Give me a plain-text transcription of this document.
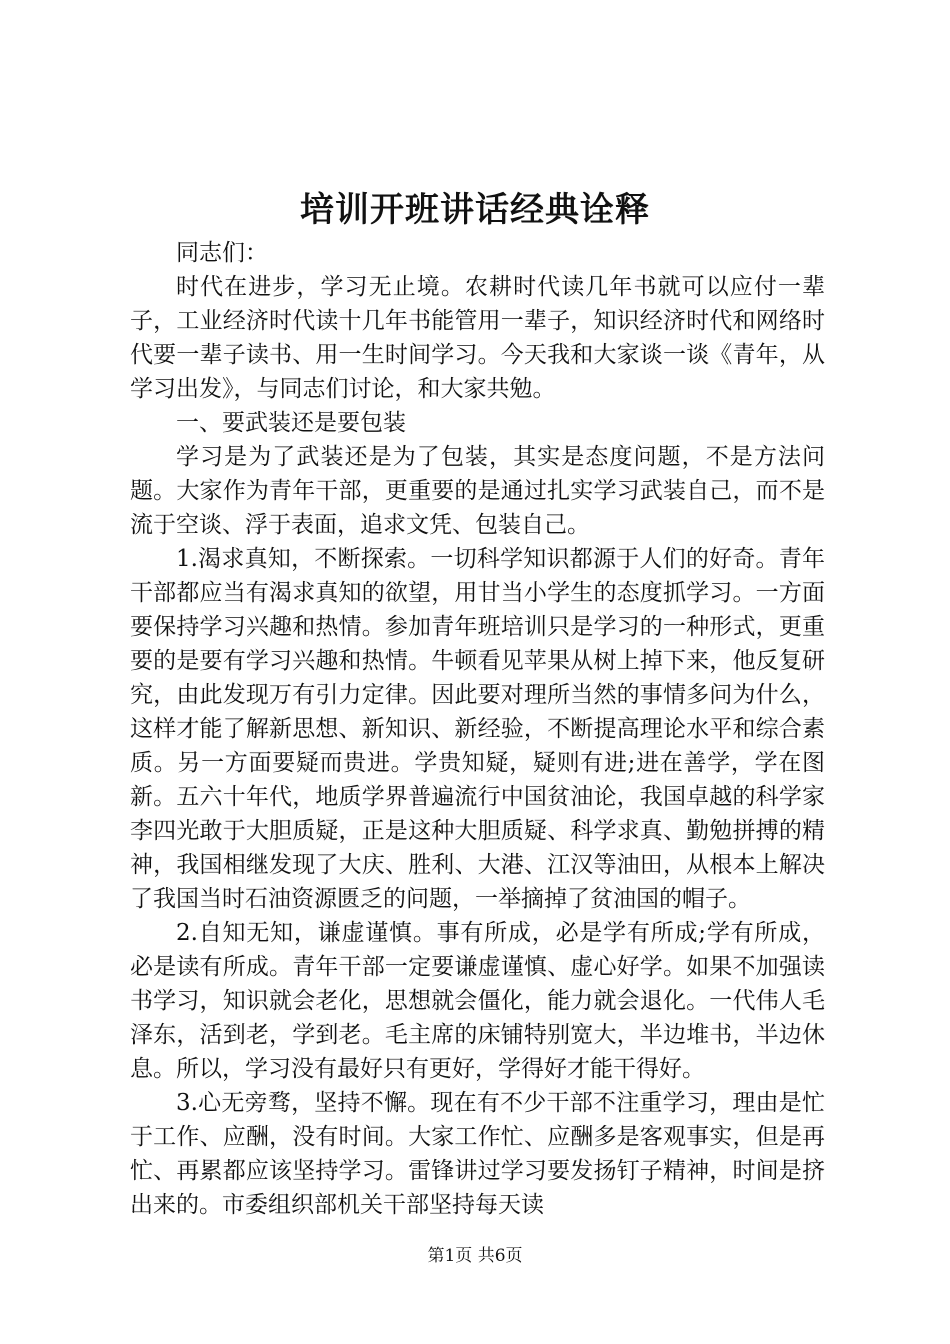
培训开班讲话经典诠释

同志们：

时代在进步，学习无止境。农耕时代读几年书就可以应付一辈子，工业经济时代读十几年书能管用一辈子，知识经济时代和网络时代要一辈子读书、用一生时间学习。今天我和大家谈一谈《青年，从学习出发》，与同志们讨论，和大家共勉。

一、要武装还是要包装

学习是为了武装还是为了包装，其实是态度问题，不是方法问题。大家作为青年干部，更重要的是通过扎实学习武装自己，而不是流于空谈、浮于表面，追求文凭、包装自己。

1.渴求真知，不断探索。一切科学知识都源于人们的好奇。青年干部都应当有渴求真知的欲望，用甘当小学生的态度抓学习。一方面要保持学习兴趣和热情。参加青年班培训只是学习的一种形式，更重要的是要有学习兴趣和热情。牛顿看见苹果从树上掉下来，他反复研究，由此发现万有引力定律。因此要对理所当然的事情多问为什么，这样才能了解新思想、新知识、新经验，不断提高理论水平和综合素质。另一方面要疑而贵进。学贵知疑，疑则有进;进在善学，学在图新。五六十年代，地质学界普遍流行中国贫油论，我国卓越的科学家李四光敢于大胆质疑，正是这种大胆质疑、科学求真、勤勉拼搏的精神，我国相继发现了大庆、胜利、大港、江汉等油田，从根本上解决了我国当时石油资源匮乏的问题，一举摘掉了贫油国的帽子。

2.自知无知，谦虚谨慎。事有所成，必是学有所成;学有所成，必是读有所成。青年干部一定要谦虚谨慎、虚心好学。如果不加强读书学习，知识就会老化，思想就会僵化，能力就会退化。一代伟人毛泽东，活到老，学到老。毛主席的床铺特别宽大，半边堆书，半边休息。所以，学习没有最好只有更好，学得好才能干得好。

3.心无旁骛，坚持不懈。现在有不少干部不注重学习，理由是忙于工作、应酬，没有时间。大家工作忙、应酬多是客观事实，但是再忙、再累都应该坚持学习。雷锋讲过学习要发扬钉子精神，时间是挤出来的。市委组织部机关干部坚持每天读

第1页 共6页
